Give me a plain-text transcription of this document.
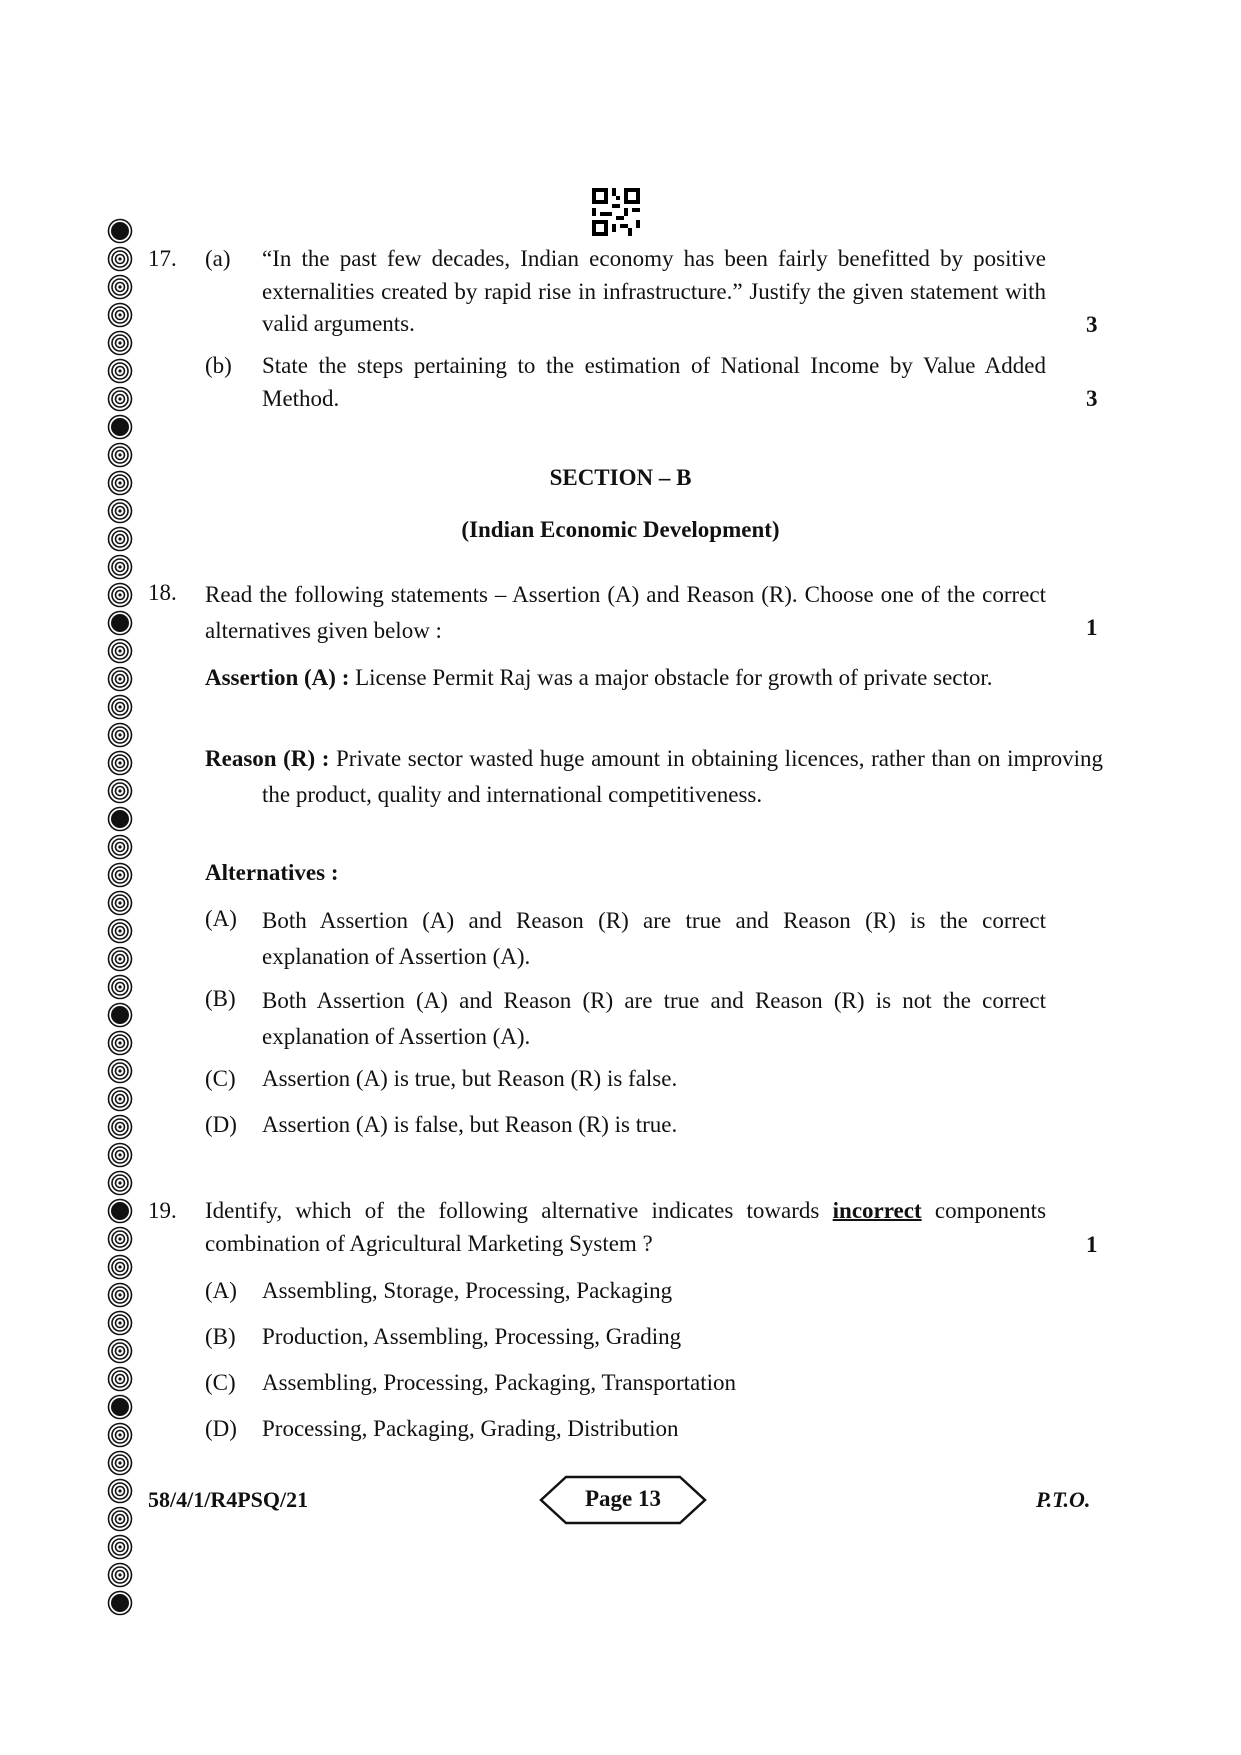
17. (a) “In the past few decades, Indian economy has been fairly benefitted by positive externalities created by rapid rise in infrastructure.” Justify the given statement with valid arguments.	3
(b) State the steps pertaining to the estimation of National Income by Value Added Method.	3
SECTION – B
(Indian Economic Development)
18. Read the following statements – Assertion (A) and Reason (R). Choose one of the correct alternatives given below :	1
Assertion (A) : License Permit Raj was a major obstacle for growth of private sector.
Reason (R) : Private sector wasted huge amount in obtaining licences, rather than on improving the product, quality and international competitiveness.
Alternatives :
(A) Both Assertion (A) and Reason (R) are true and Reason (R) is the correct explanation of Assertion (A).
(B) Both Assertion (A) and Reason (R) are true and Reason (R) is not the correct explanation of Assertion (A).
(C) Assertion (A) is true, but Reason (R) is false.
(D) Assertion (A) is false, but Reason (R) is true.
19. Identify, which of the following alternative indicates towards incorrect components combination of Agricultural Marketing System ?	1
(A) Assembling, Storage, Processing, Packaging
(B) Production, Assembling, Processing, Grading
(C) Assembling, Processing, Packaging, Transportation
(D) Processing, Packaging, Grading, Distribution
58/4/1/R4PSQ/21	Page 13	P.T.O.
